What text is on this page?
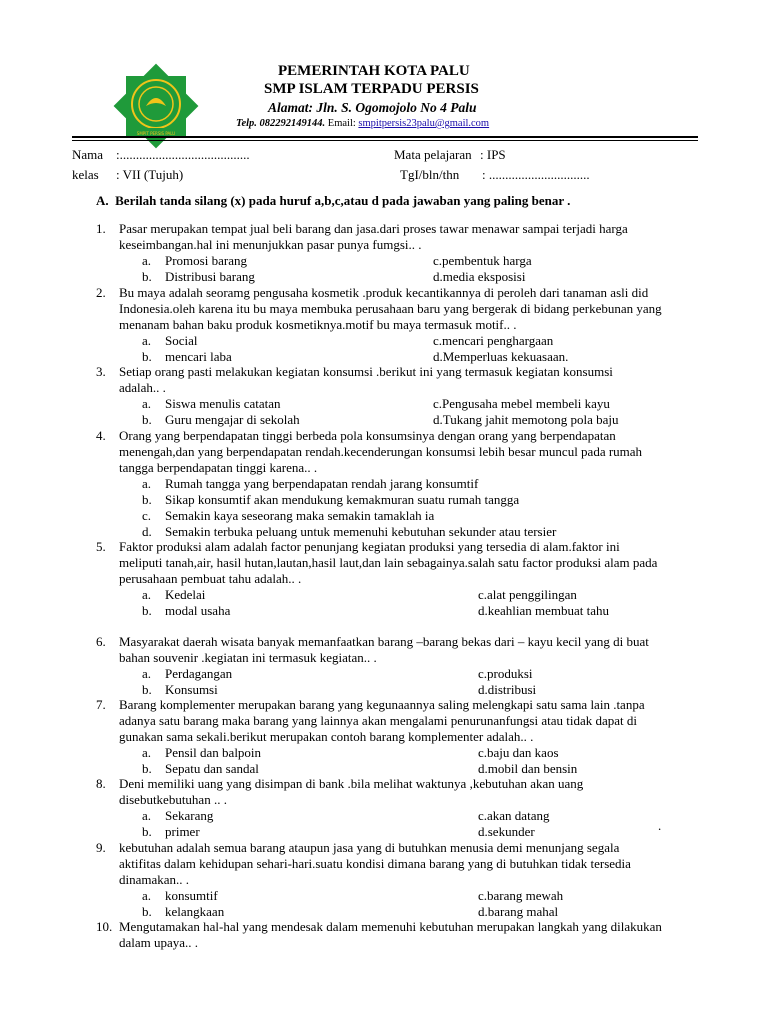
SMPIT PERSIS PALU
PEMERINTAH KOTA PALU
SMP ISLAM TERPADU PERSIS
Alamat: Jln. S. Ogomojolo No 4 Palu
Telp. 082292149144. Email: smpitpersis23palu@gmail.com
Nama :........................................	Mata pelajaran : IPS
kelas : VII (Tujuh)	TgI/bln/thn : ...............................
A. Berilah tanda silang (x) pada huruf a,b,c,atau d pada jawaban yang paling benar .
1. Pasar merupakan tempat jual beli barang dan jasa.dari proses tawar menawar sampai terjadi harga
keseimbangan.hal ini menunjukkan pasar punya fumgsi.. .
a. Promosi barang	c.pembentuk harga
b. Distribusi barang	d.media eksposisi
2. Bu maya adalah seoramg pengusaha kosmetik .produk kecantikannya di peroleh dari tanaman asli did
Indonesia.oleh karena itu bu maya membuka perusahaan baru yang bergerak di bidang perkebunan yang
menanam bahan baku produk kosmetiknya.motif bu maya termasuk motif.. .
a. Social	c.mencari penghargaan
b. mencari laba	d.Memperluas kekuasaan.
3. Setiap orang pasti melakukan kegiatan konsumsi .berikut ini yang termasuk kegiatan konsumsi
adalah.. .
a. Siswa menulis catatan	c.Pengusaha mebel membeli kayu
b. Guru mengajar di sekolah	d.Tukang jahit memotong pola baju
4. Orang yang berpendapatan tinggi berbeda pola konsumsinya dengan orang yang berpendapatan
menengah,dan yang berpendapatan rendah.kecenderungan konsumsi lebih besar muncul pada rumah
tangga berpendapatan tinggi karena.. .
a. Rumah tangga yang berpendapatan rendah jarang konsumtif
b. Sikap konsumtif akan mendukung kemakmuran suatu rumah tangga
c. Semakin kaya seseorang maka semakin tamaklah ia
d. Semakin terbuka peluang untuk memenuhi kebutuhan sekunder atau tersier
5. Faktor produksi alam adalah factor penunjang kegiatan produksi yang tersedia di alam.faktor ini
meliputi tanah,air, hasil hutan,lautan,hasil laut,dan lain sebagainya.salah satu factor produksi alam pada
perusahaan pembuat tahu adalah.. .
a. Kedelai	c.alat penggilingan
b. modal usaha	d.keahlian membuat tahu
6. Masyarakat daerah wisata banyak memanfaatkan barang –barang bekas dari – kayu kecil yang di buat
bahan souvenir .kegiatan ini termasuk kegiatan.. .
a. Perdagangan	c.produksi
b. Konsumsi	d.distribusi
7. Barang komplementer merupakan barang yang kegunaannya saling melengkapi satu sama lain .tanpa
adanya satu barang maka barang yang lainnya akan mengalami penurunanfungsi atau tidak dapat di
gunakan sama sekali.berikut merupakan contoh barang komplementer adalah.. .
a. Pensil dan balpoin	c.baju dan kaos
b. Sepatu dan sandal	d.mobil dan bensin
8. Deni memiliki uang yang disimpan di bank .bila melihat waktunya ,kebutuhan akan uang
disebutkebutuhan .. .
a. Sekarang	c.akan datang
b. primer	d.sekunder	.
9. kebutuhan adalah semua barang ataupun jasa yang di butuhkan menusia demi menunjang segala
aktifitas dalam kehidupan sehari-hari.suatu kondisi dimana barang yang di butuhkan tidak tersedia
dinamakan.. .
a. konsumtif	c.barang mewah
b. kelangkaan	d.barang mahal
10. Mengutamakan hal-hal yang mendesak dalam memenuhi kebutuhan merupakan langkah yang dilakukan
dalam upaya.. .
